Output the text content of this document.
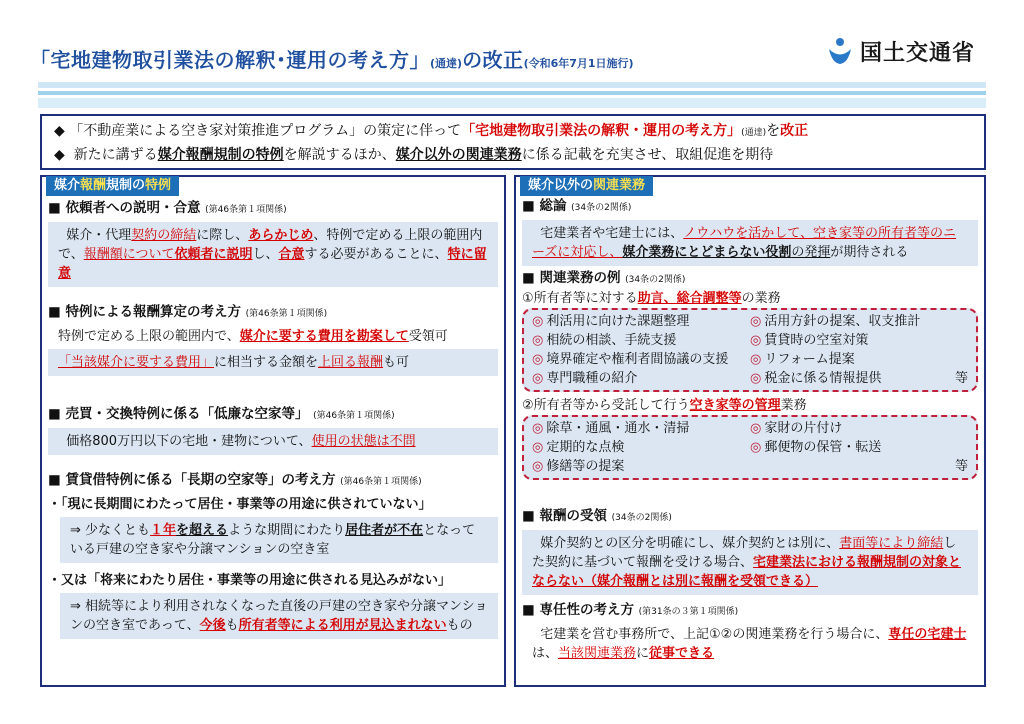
「宅地建物取引業法の解釈･運用の考え方」(通達)の改正(令和6年7月1日施行)	国土交通省
◆ 「不動産業による空き家対策推進プログラム」の策定に伴って「宅地建物取引業法の解釈・運用の考え方」(通達)を改正
◆ 新たに講ずる媒介報酬規制の特例を解説するほか、媒介以外の関連業務に係る記載を充実させ、取組促進を期待
媒介報酬規制の特例
■ 依頼者への説明・合意 (第46条第１項関係)
媒介・代理契約の締結に際し、あらかじめ、特例で定める上限の範囲内で、報酬額について依頼者に説明し、合意する必要があることに、特に留意
■ 特例による報酬算定の考え方 (第46条第１項関係)
特例で定める上限の範囲内で、媒介に要する費用を勘案して受領可
「当該媒介に要する費用」に相当する金額を上回る報酬も可
■ 売買・交換特例に係る「低廉な空家等」 (第46条第１項関係)
価格800万円以下の宅地・建物について、使用の状態は不問
■ 賃貸借特例に係る「長期の空家等」の考え方 (第46条第１項関係)
・「現に長期間にわたって居住・事業等の用途に供されていない」
⇒ 少なくとも１年を超えるような期間にわたり居住者が不在となっている戸建の空き家や分譲マンションの空き室
・又は「将来にわたり居住・事業等の用途に供される見込みがない」
⇒ 相続等により利用されなくなった直後の戸建の空き家や分譲マンションの空き室であって、今後も所有者等による利用が見込まれないもの
媒介以外の関連業務
■ 総論 (34条の2関係)
宅建業者や宅建士には、ノウハウを活かして、空き家等の所有者等のニーズに対応し、媒介業務にとどまらない役割の発揮が期待される
■ 関連業務の例 (34条の2関係)
①所有者等に対する助言、総合調整等の業務
◎ 利活用に向けた課題整理	◎ 活用方針の提案、収支推計
◎ 相続の相談、手続支援	◎ 賃貸時の空室対策
◎ 境界確定や権利者間協議の支援	◎ リフォーム提案
◎ 専門職種の紹介	◎ 税金に係る情報提供	等
②所有者等から受託して行う空き家等の管理業務
◎ 除草・通風・通水・清掃	◎ 家財の片付け
◎ 定期的な点検	◎ 郵便物の保管・転送
◎ 修繕等の提案	等
■ 報酬の受領 (34条の2関係)
媒介契約との区分を明確にし、媒介契約とは別に、書面等により締結した契約に基づいて報酬を受ける場合、宅建業法における報酬規制の対象とならない（媒介報酬とは別に報酬を受領できる）
■ 専任性の考え方 (第31条の３第１項関係)
宅建業を営む事務所で、上記①②の関連業務を行う場合に、専任の宅建士は、当該関連業務に従事できる
